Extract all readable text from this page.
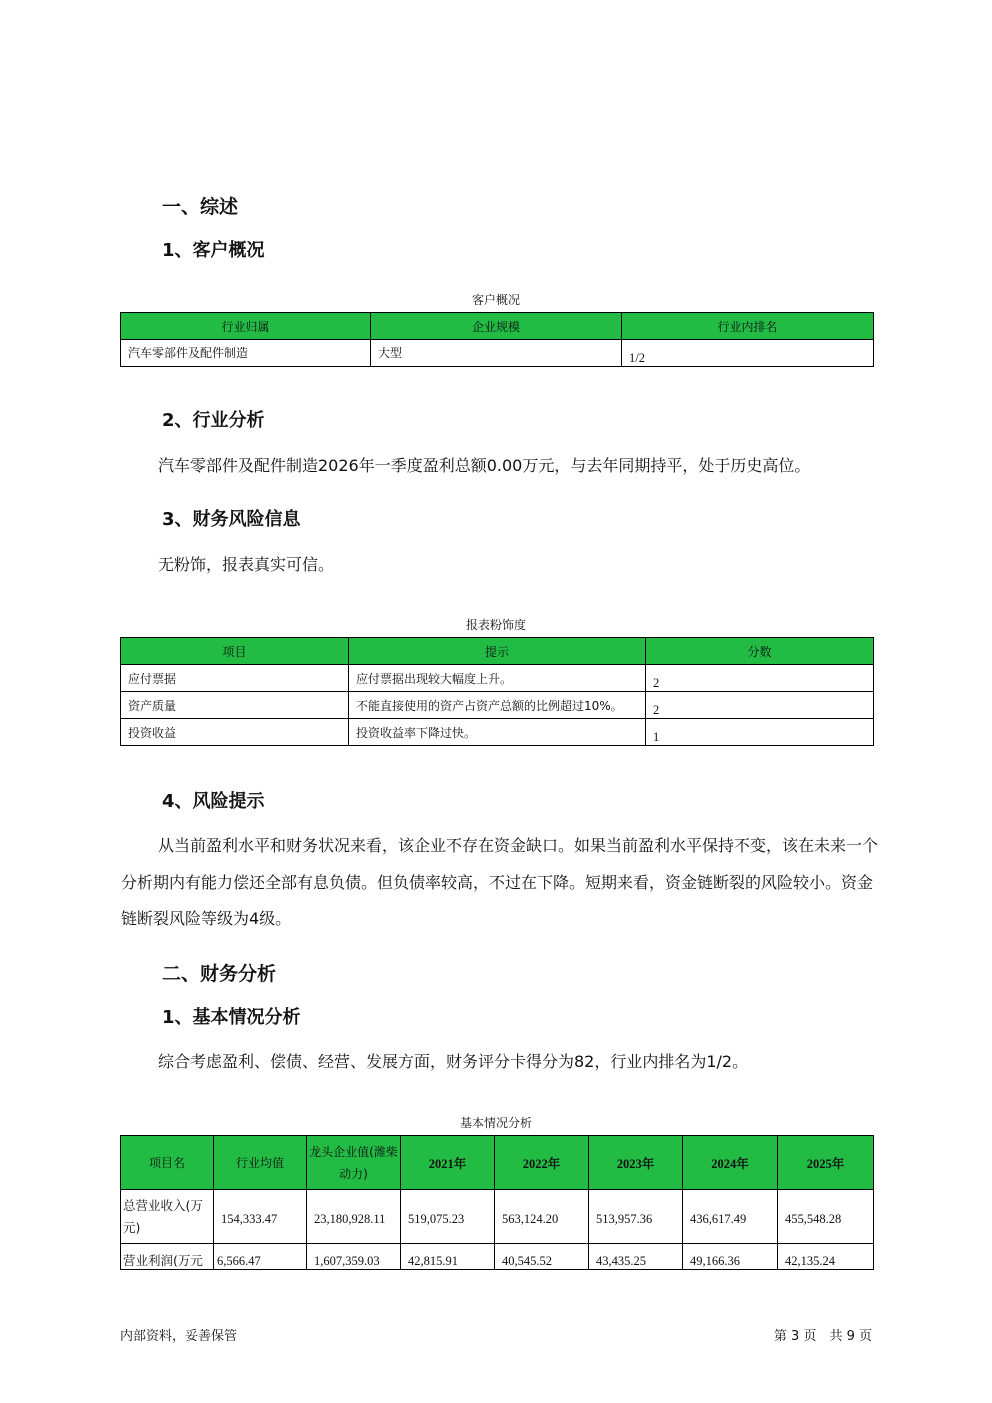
一、综述
1、客户概况
客户概况
行业归属	企业规模	行业内排名
汽车零部件及配件制造	大型	1/2
2、行业分析
汽车零部件及配件制造2026年一季度盈利总额0.00万元，与去年同期持平，处于历史高位。
3、财务风险信息
无粉饰，报表真实可信。
报表粉饰度
项目	提示	分数
应付票据	应付票据出现较大幅度上升。	2
资产质量	不能直接使用的资产占资产总额的比例超过10%。	2
投资收益	投资收益率下降过快。	1
4、风险提示
从当前盈利水平和财务状况来看，该企业不存在资金缺口。如果当前盈利水平保持不变，该在未来一个分析期内有能力偿还全部有息负债。但负债率较高，不过在下降。短期来看，资金链断裂的风险较小。资金链断裂风险等级为4级。
二、财务分析
1、基本情况分析
综合考虑盈利、偿债、经营、发展方面，财务评分卡得分为82，行业内排名为1/2。
基本情况分析
项目名	行业均值	龙头企业值(潍柴动力)	2021年	2022年	2023年	2024年	2025年
总营业收入(万元)	154,333.47	23,180,928.11	519,075.23	563,124.20	513,957.36	436,617.49	455,548.28
营业利润(万元	6,566.47	1,607,359.03	42,815.91	40,545.52	43,435.25	49,166.36	42,135.24
内部资料，妥善保管	第 3 页　共 9 页
